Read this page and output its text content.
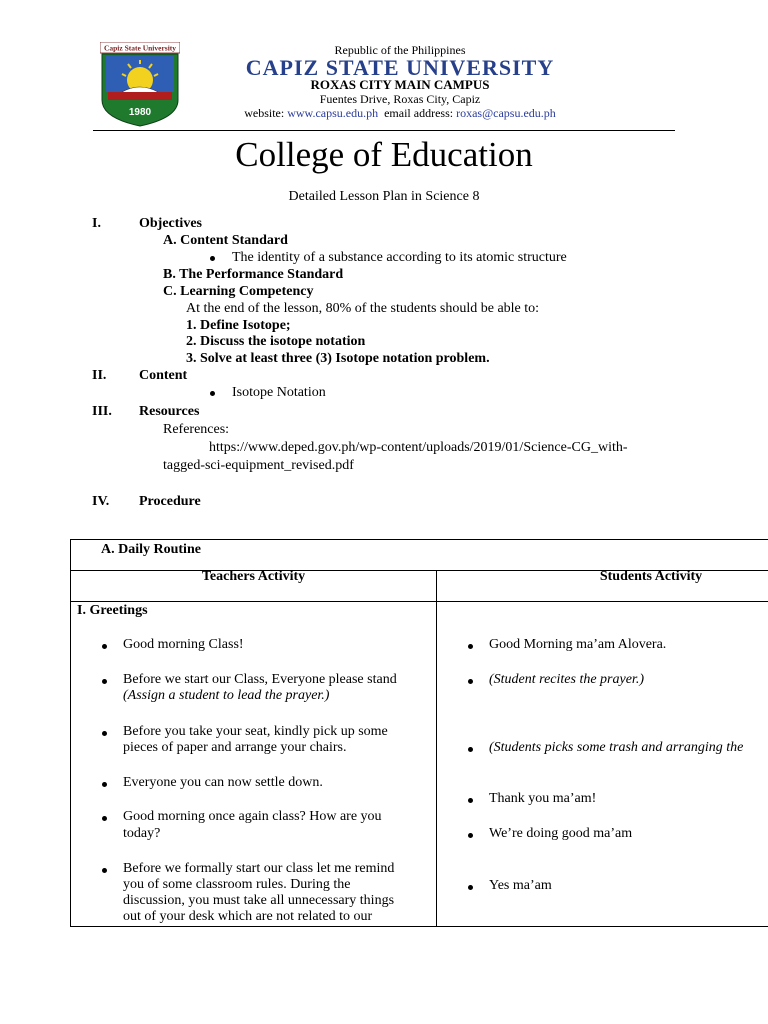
Capiz State University
1980
Republic of the Philippines
CAPIZ STATE UNIVERSITY
ROXAS CITY MAIN CAMPUS
Fuentes Drive, Roxas City, Capiz
website: www.capsu.edu.ph email address: roxas@capsu.edu.ph
College of Education
Detailed Lesson Plan in Science 8
I.	Objectives
A. Content Standard
The identity of a substance according to its atomic structure
B. The Performance Standard
C. Learning Competency
At the end of the lesson, 80% of the students should be able to:
1. Define Isotope;
2. Discuss the isotope notation
3. Solve at least three (3) Isotope notation problem.
II. Content
Isotope Notation
III. Resources
References:
https://www.deped.gov.ph/wp-content/uploads/2019/01/Science-CG_with-
tagged-sci-equipment_revised.pdf
IV. Procedure
A. Daily Routine
Teachers Activity	Students Activity
I. Greetings
Good morning Class!
Before we start our Class, Everyone please stand
(Assign a student to lead the prayer.)
Before you take your seat, kindly pick up some
pieces of paper and arrange your chairs.
Everyone you can now settle down.
Good morning once again class? How are you
today?
Before we formally start our class let me remind
you of some classroom rules. During the
discussion, you must take all unnecessary things
out of your desk which are not related to our
Good Morning ma’am Alovera.
(Student recites the prayer.)
(Students picks some trash and arranging the
Thank you ma’am!
We’re doing good ma’am
Yes ma’am
